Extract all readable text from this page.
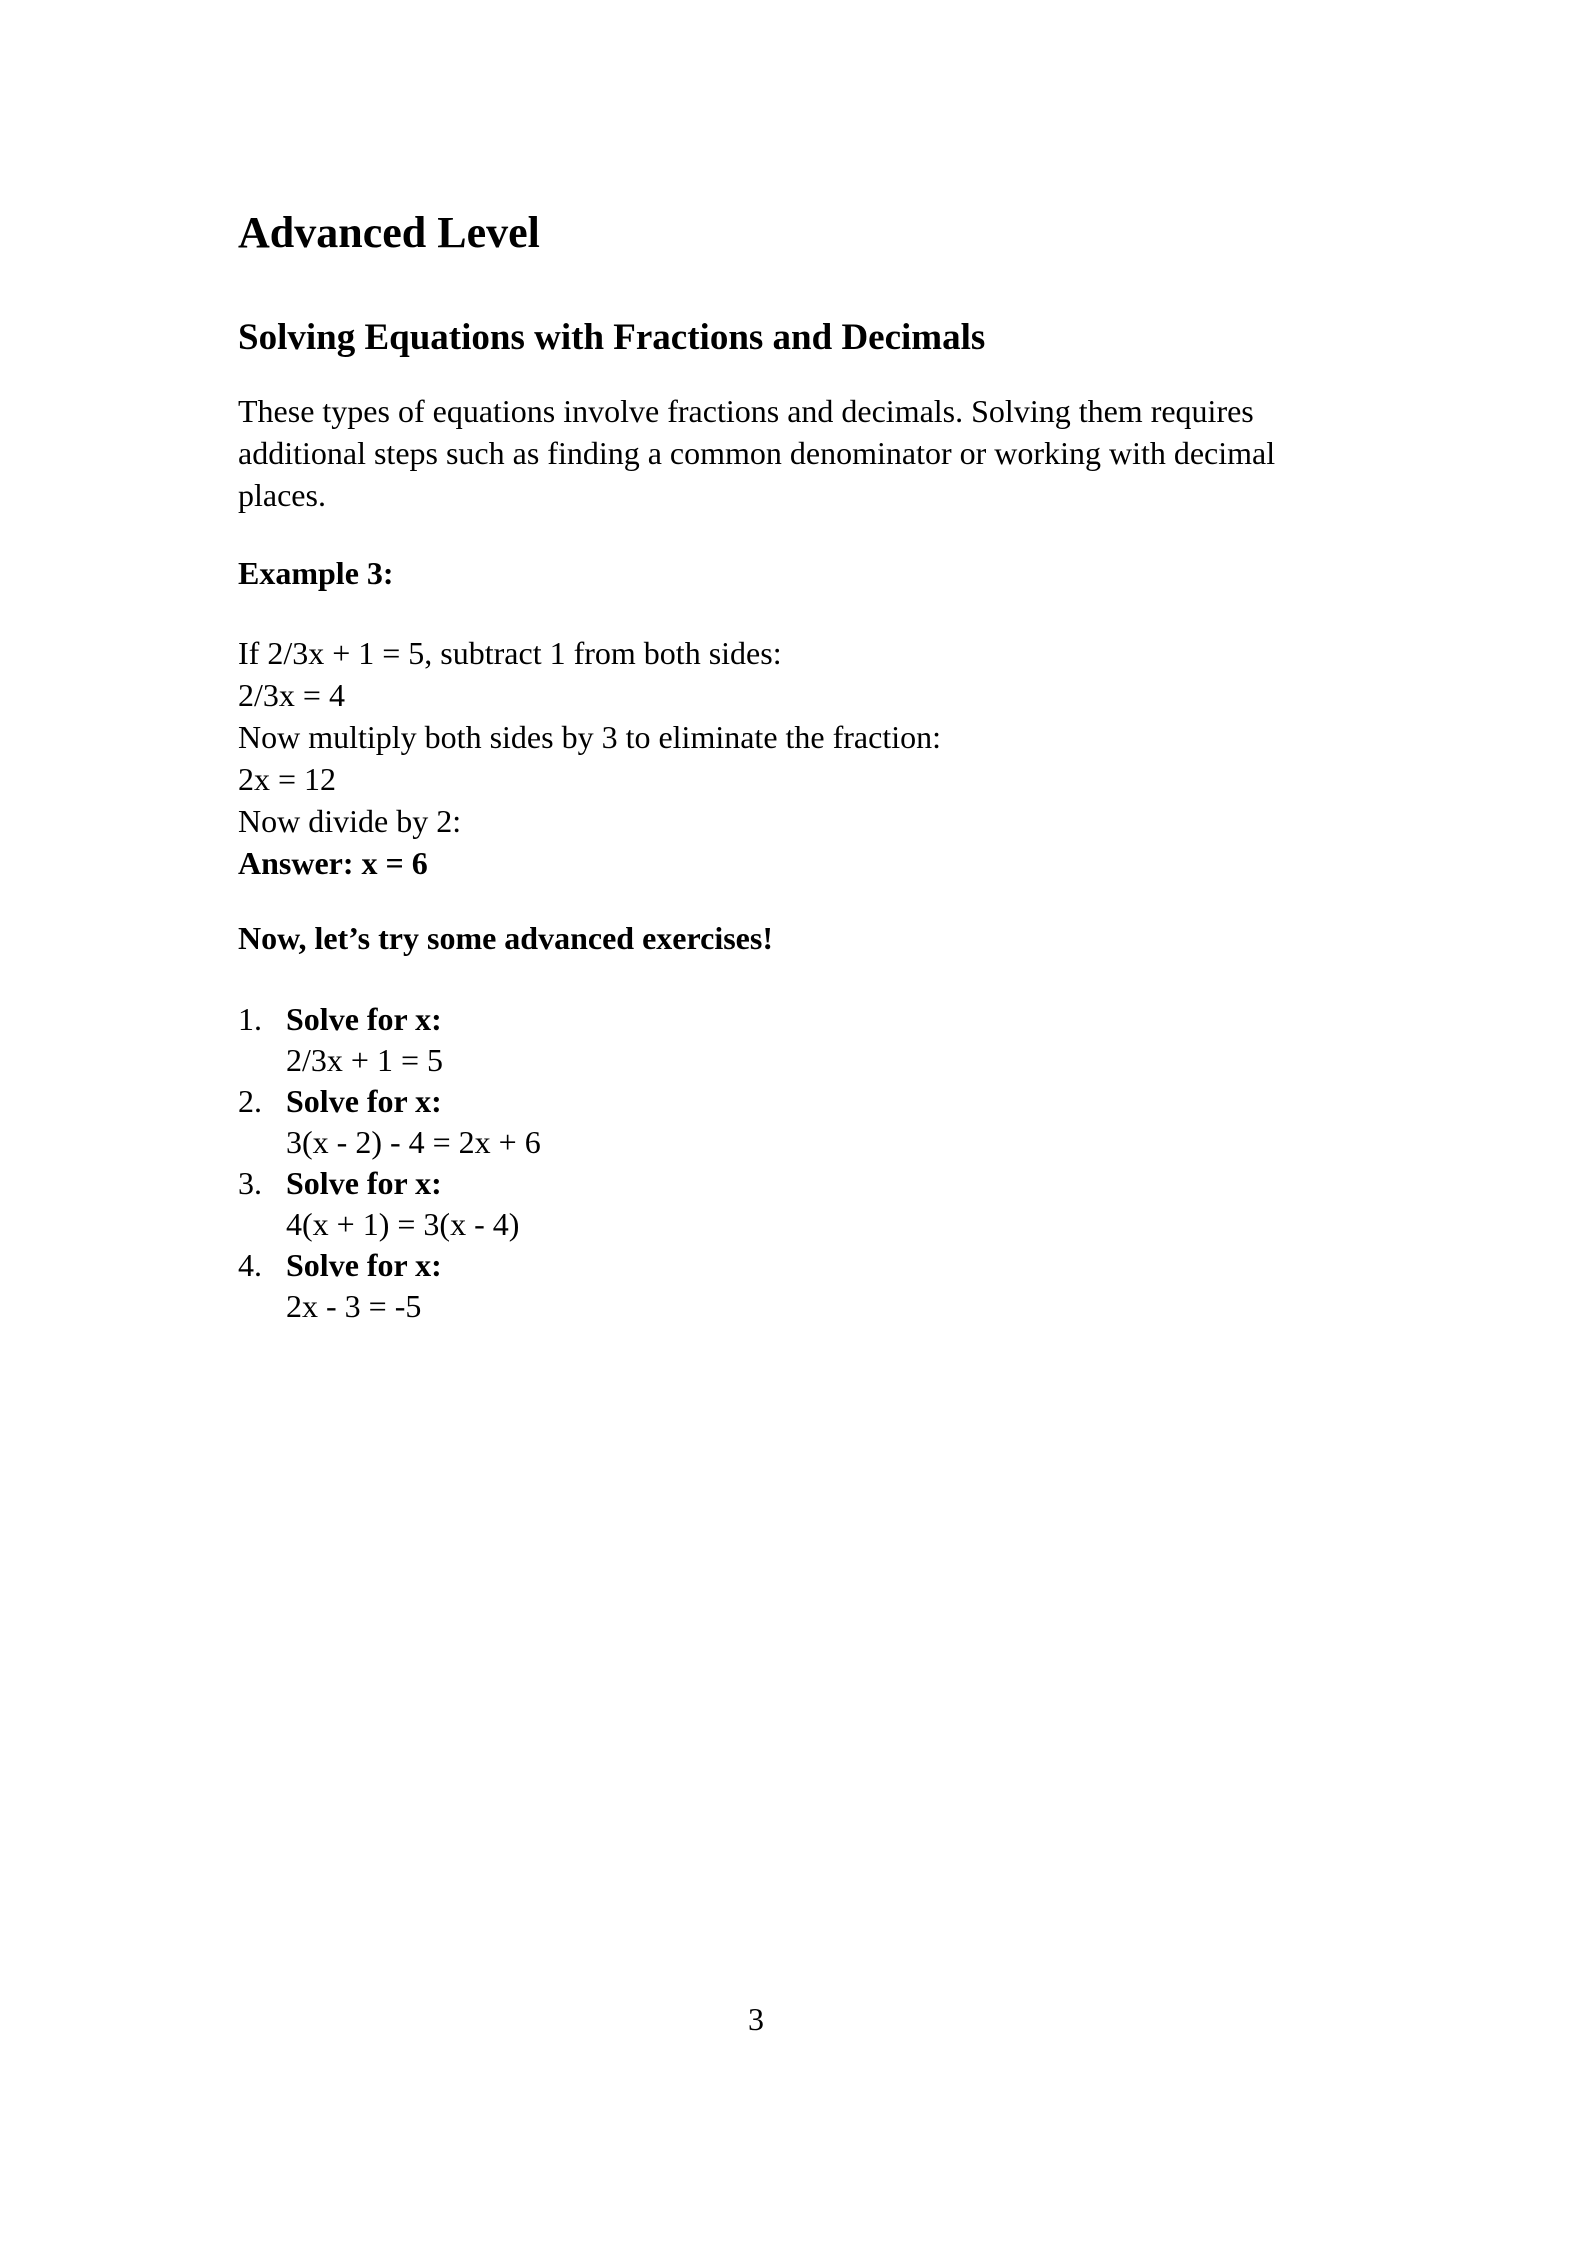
Advanced Level
Solving Equations with Fractions and Decimals
These types of equations involve fractions and decimals. Solving them requires
additional steps such as finding a common denominator or working with decimal
places.
Example 3:
If 2/3x + 1 = 5, subtract 1 from both sides:
2/3x = 4
Now multiply both sides by 3 to eliminate the fraction:
2x = 12
Now divide by 2:
Answer: x = 6
Now, let’s try some advanced exercises!
1. Solve for x:
2/3x + 1 = 5
2. Solve for x:
3(x - 2) - 4 = 2x + 6
3. Solve for x:
4(x + 1) = 3(x - 4)
4. Solve for x:
2x - 3 = -5
3
